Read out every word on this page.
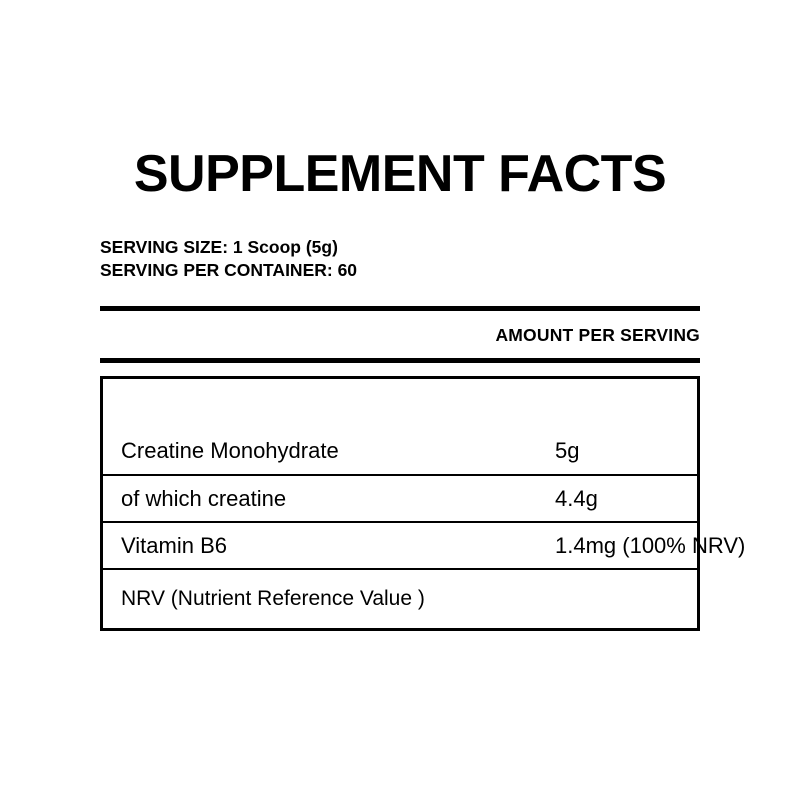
SUPPLEMENT FACTS
SERVING SIZE: 1 Scoop (5g)
SERVING PER CONTAINER: 60
AMOUNT PER SERVING
Creatine Monohydrate	5g
of which creatine	4.4g
Vitamin B6	1.4mg (100% NRV)
NRV (Nutrient Reference Value )
